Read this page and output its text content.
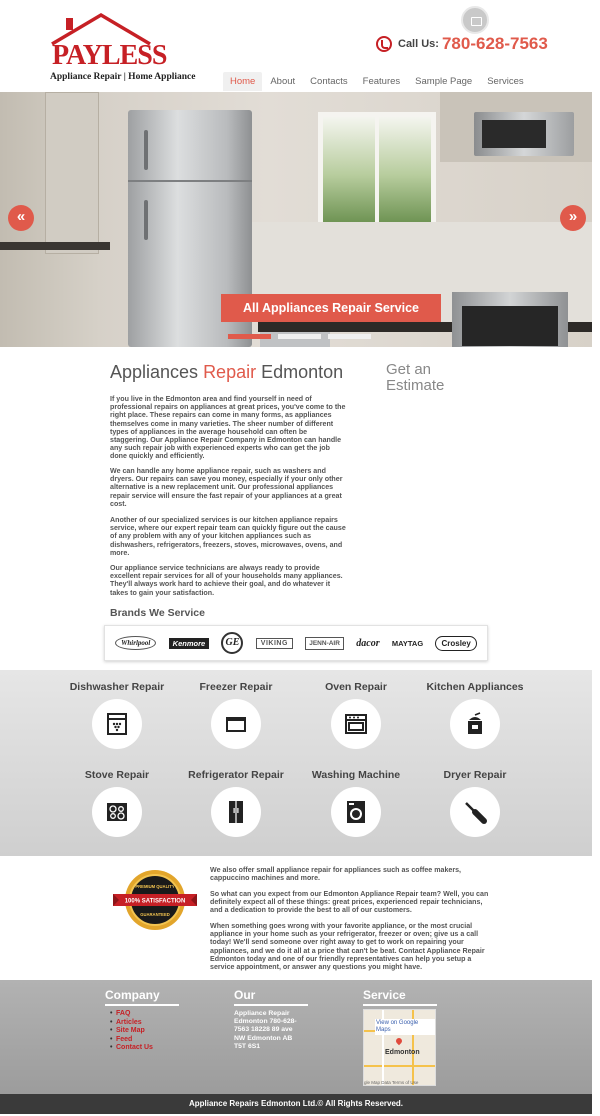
PAYLESS
Appliance Repair | Home Appliance
Call Us: 780-628-7563
Home	About	Contacts	Features	Sample Page	Services
All Appliances Repair Service
«	»
Appliances Repair Edmonton	Get an Estimate

If you live in the Edmonton area and find yourself in need of professional repairs on appliances at great prices, you've come to the right place. These repairs can come in many forms, as appliances themselves come in many varieties. The sheer number of different types of appliances in the average household can often be staggering. Our Appliance Repair Company in Edmonton can handle any such repair job with experienced experts who can get the job done quickly and efficiently.

We can handle any home appliance repair, such as washers and dryers. Our repairs can save you money, especially if your only other alternative is a new replacement unit. Our professional appliances repair service will ensure the fast repair of your appliances at a great cost.

Another of our specialized services is our kitchen appliance repairs service, where our expert repair team can quickly figure out the cause of any problem with any of your kitchen appliances such as dishwashers, refrigerators, freezers, stoves, microwaves, ovens, and more.

Our appliance service technicians are always ready to provide excellent repair services for all of your households many appliances. They'll always work hard to achieve their goal, and do whatever it takes to gain your satisfaction.

Brands We Service
Whirlpool	Kenmore	GE	VIKING	JENN-AIR	dacor MAYTAG	Crosley
Dishwasher Repair	Freezer Repair	Oven Repair	Kitchen Appliances
Stove Repair	Refrigerator Repair	Washing Machine	Dryer Repair
100% SATISFACTION
PREMIUM QUALITY
GUARANTEED

We also offer small appliance repair for appliances such as coffee makers, cappuccino machines and more.

So what can you expect from our Edmonton Appliance Repair team? Well, you can definitely expect all of these things: great prices, experienced repair technicians, and a dedication to provide the best to all of our customers.

When something goes wrong with your favorite appliance, or the most crucial appliance in your home such as your refrigerator, freezer or oven; give us a call today! We'll send someone over right away to get to work on repairing your appliances, and we do it all at a price that can't be beat. Contact Appliance Repair Edmonton today and one of our friendly representatives can help you setup a service appointment, or answer any questions you might have.

Company
• FAQ
• Articles
• Site Map
• Feed
• Contact Us
Our
Appliance Repair Edmonton 780-628-7563 18228 89 ave NW Edmonton AB T5T 6S1
Service
View on Google Maps
Edmonton
gle Map Data Terms of Use
Appliance Repairs Edmonton Ltd.© All Rights Reserved.
